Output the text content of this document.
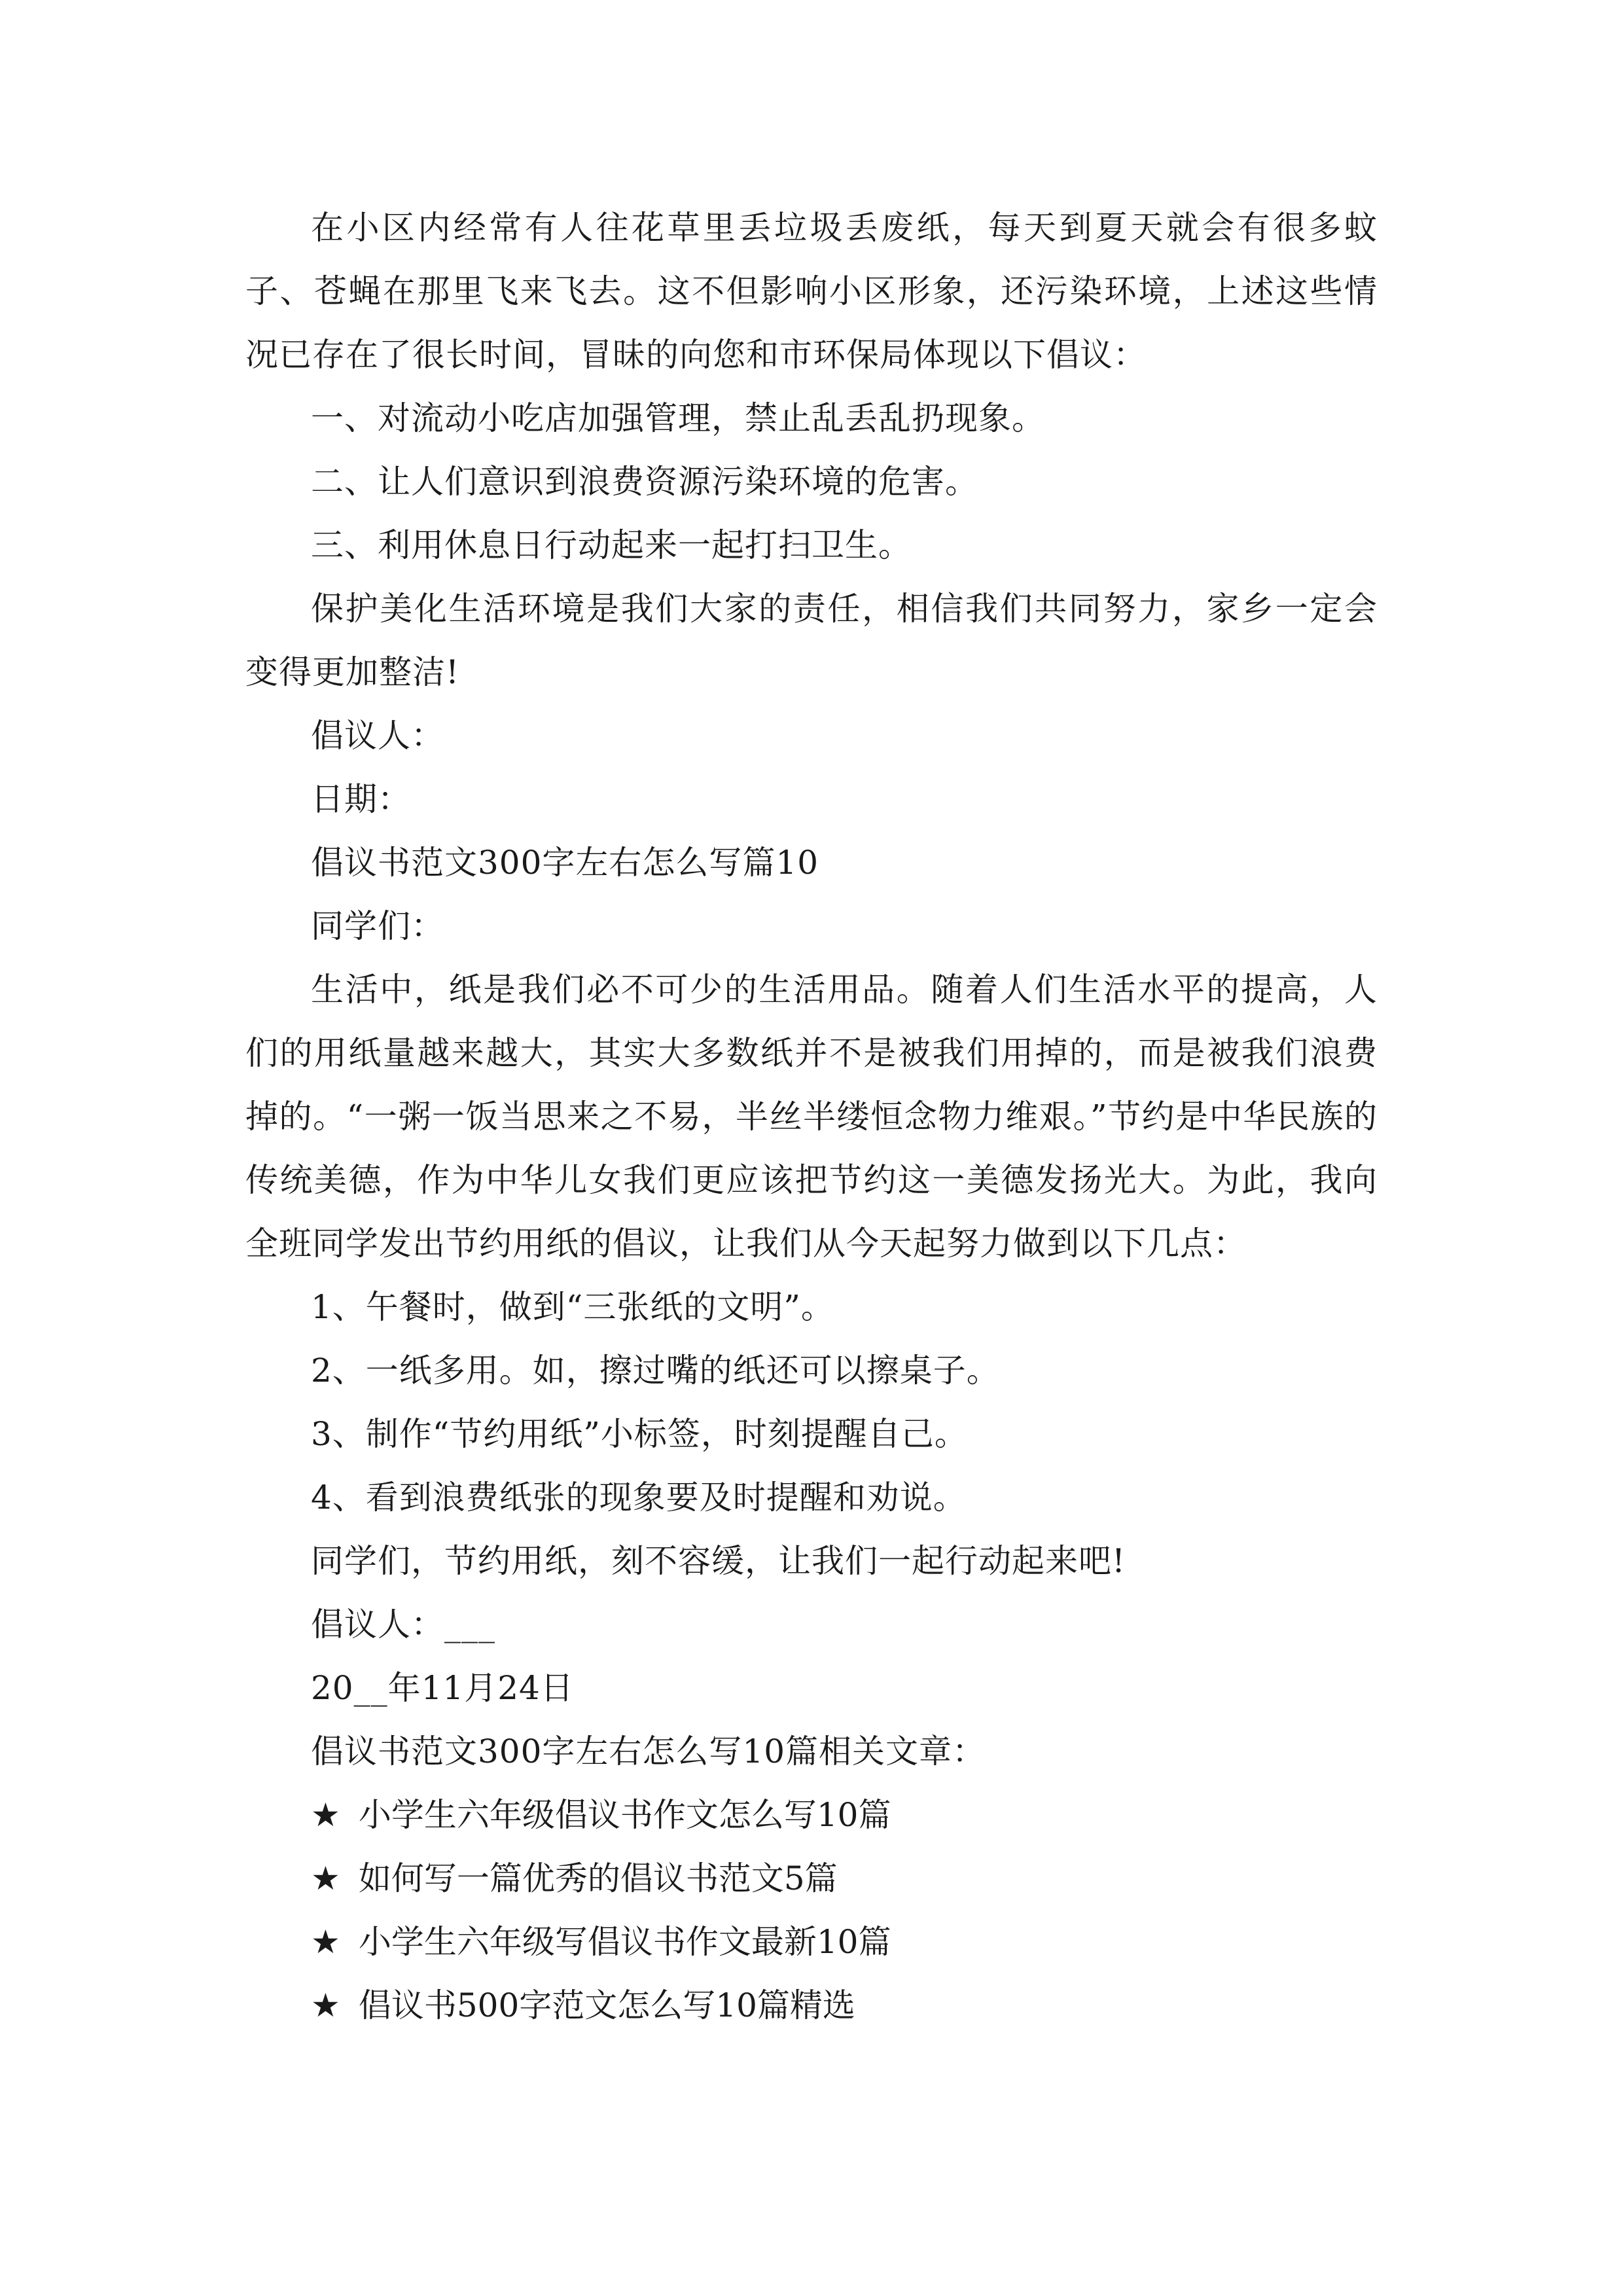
在小区内经常有人往花草里丢垃圾丢废纸，每天到夏天就会有很多蚊子、苍蝇在那里飞来飞去。这不但影响小区形象，还污染环境，上述这些情况已存在了很长时间，冒昧的向您和市环保局体现以下倡议：

一、对流动小吃店加强管理，禁止乱丢乱扔现象。

二、让人们意识到浪费资源污染环境的危害。

三、利用休息日行动起来一起打扫卫生。

保护美化生活环境是我们大家的责任，相信我们共同努力，家乡一定会变得更加整洁!

倡议人：

日期：

倡议书范文300字左右怎么写篇10

同学们：

生活中，纸是我们必不可少的生活用品。随着人们生活水平的提高，人们的用纸量越来越大，其实大多数纸并不是被我们用掉的，而是被我们浪费掉的。“一粥一饭当思来之不易，半丝半缕恒念物力维艰。”节约是中华民族的传统美德，作为中华儿女我们更应该把节约这一美德发扬光大。为此，我向全班同学发出节约用纸的倡议，让我们从今天起努力做到以下几点：

1、午餐时，做到“三张纸的文明”。

2、一纸多用。如，擦过嘴的纸还可以擦桌子。

3、制作“节约用纸”小标签，时刻提醒自己。

4、看到浪费纸张的现象要及时提醒和劝说。

同学们，节约用纸，刻不容缓，让我们一起行动起来吧!

倡议人：___

20__年11月24日

倡议书范文300字左右怎么写10篇相关文章：

★ 小学生六年级倡议书作文怎么写10篇

★ 如何写一篇优秀的倡议书范文5篇

★ 小学生六年级写倡议书作文最新10篇

★ 倡议书500字范文怎么写10篇精选
